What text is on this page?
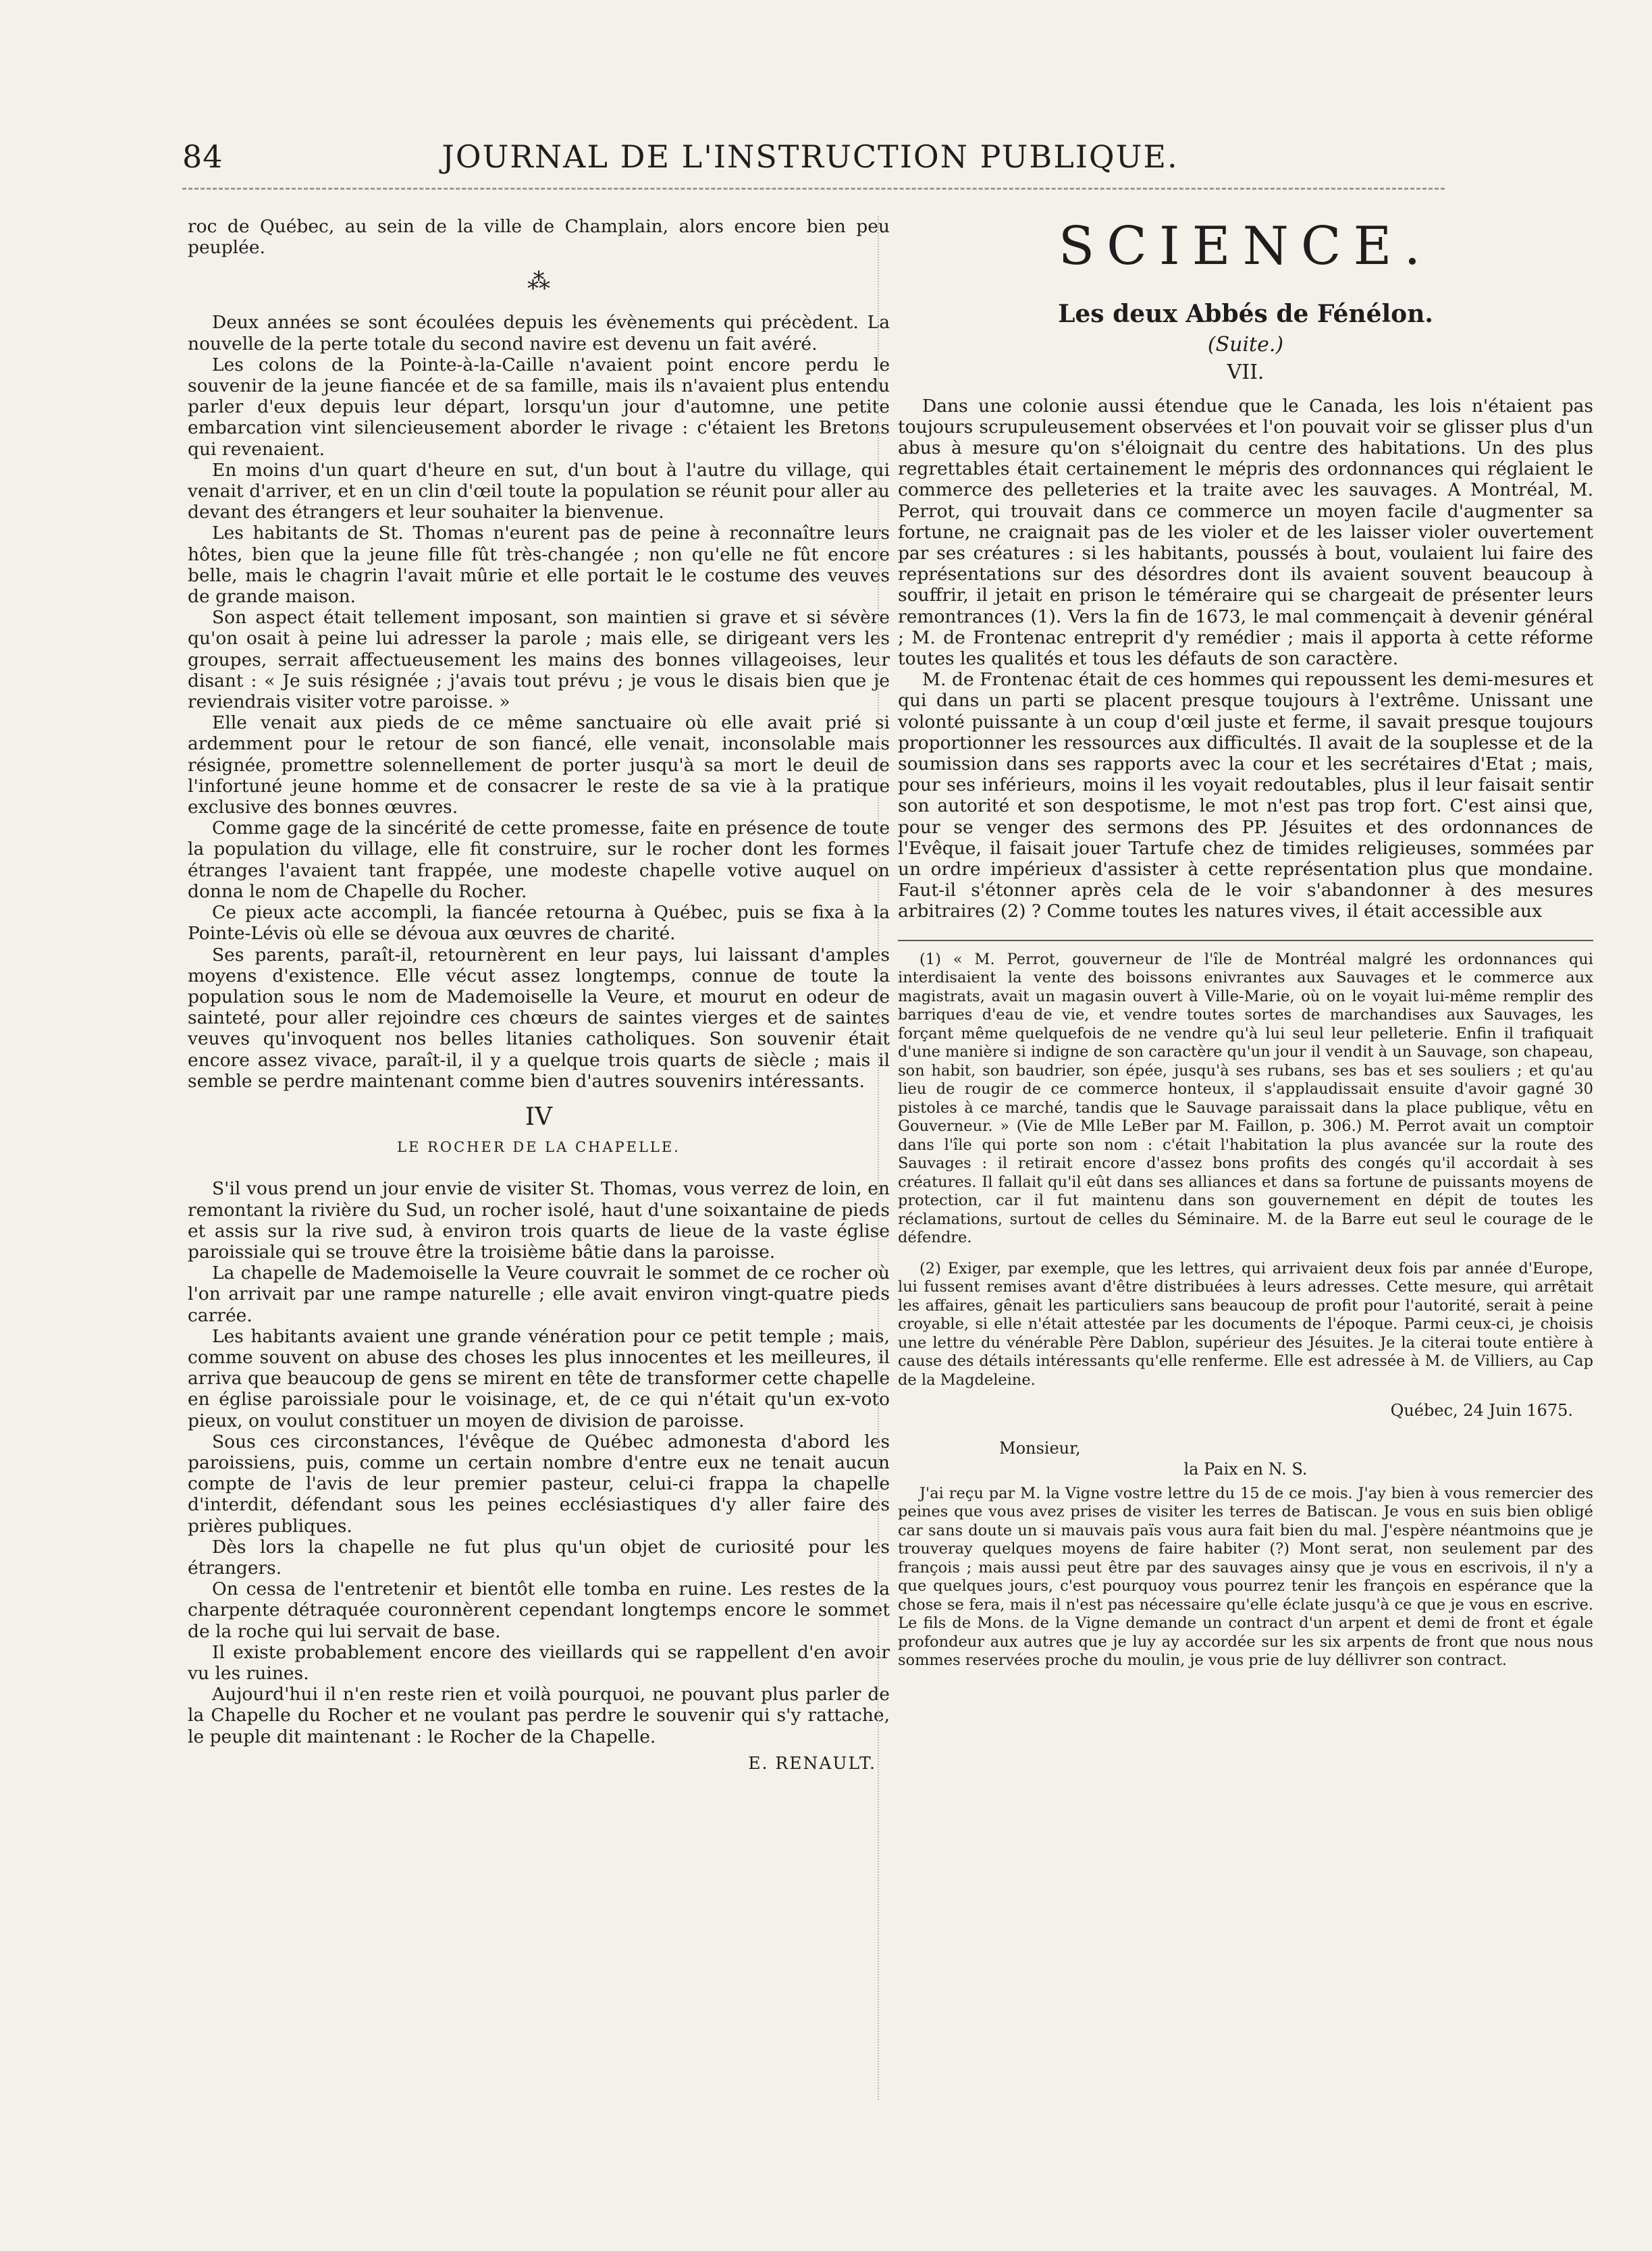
84	JOURNAL DE L'INSTRUCTION PUBLIQUE.

roc de Québec, au sein de la ville de Champlain, alors encore bien peu peuplée.

⁂

Deux années se sont écoulées depuis les évènements qui précèdent. La nouvelle de la perte totale du second navire est devenu un fait avéré.

Les colons de la Pointe-à-la-Caille n'avaient point encore perdu le souvenir de la jeune fiancée et de sa famille, mais ils n'avaient plus entendu parler d'eux depuis leur départ, lorsqu'un jour d'automne, une petite embarcation vint silencieusement aborder le rivage : c'étaient les Bretons qui revenaient.

En moins d'un quart d'heure en sut, d'un bout à l'autre du village, qui venait d'arriver, et en un clin d'œil toute la population se réunit pour aller au devant des étrangers et leur souhaiter la bienvenue.

Les habitants de St. Thomas n'eurent pas de peine à reconnaître leurs hôtes, bien que la jeune fille fût très-changée ; non qu'elle ne fût encore belle, mais le chagrin l'avait mûrie et elle portait le le costume des veuves de grande maison.

Son aspect était tellement imposant, son maintien si grave et si sévère qu'on osait à peine lui adresser la parole ; mais elle, se dirigeant vers les groupes, serrait affectueusement les mains des bonnes villageoises, leur disant : « Je suis résignée ; j'avais tout prévu ; je vous le disais bien que je reviendrais visiter votre paroisse. »

Elle venait aux pieds de ce même sanctuaire où elle avait prié si ardemment pour le retour de son fiancé, elle venait, inconsolable mais résignée, promettre solennellement de porter jusqu'à sa mort le deuil de l'infortuné jeune homme et de consacrer le reste de sa vie à la pratique exclusive des bonnes œuvres.

Comme gage de la sincérité de cette promesse, faite en présence de toute la population du village, elle fit construire, sur le rocher dont les formes étranges l'avaient tant frappée, une modeste chapelle votive auquel on donna le nom de Chapelle du Rocher.

Ce pieux acte accompli, la fiancée retourna à Québec, puis se fixa à la Pointe-Lévis où elle se dévoua aux œuvres de charité.

Ses parents, paraît-il, retournèrent en leur pays, lui laissant d'amples moyens d'existence. Elle vécut assez longtemps, connue de toute la population sous le nom de Mademoiselle la Veure, et mourut en odeur de sainteté, pour aller rejoindre ces chœurs de saintes vierges et de saintes veuves qu'invoquent nos belles litanies catholiques. Son souvenir était encore assez vivace, paraît-il, il y a quelque trois quarts de siècle ; mais il semble se perdre maintenant comme bien d'autres souvenirs intéressants.

IV
LE ROCHER DE LA CHAPELLE.

S'il vous prend un jour envie de visiter St. Thomas, vous verrez de loin, en remontant la rivière du Sud, un rocher isolé, haut d'une soixantaine de pieds et assis sur la rive sud, à environ trois quarts de lieue de la vaste église paroissiale qui se trouve être la troisième bâtie dans la paroisse.

La chapelle de Mademoiselle la Veure couvrait le sommet de ce rocher où l'on arrivait par une rampe naturelle ; elle avait environ vingt-quatre pieds carrée.

Les habitants avaient une grande vénération pour ce petit temple ; mais, comme souvent on abuse des choses les plus innocentes et les meilleures, il arriva que beaucoup de gens se mirent en tête de transformer cette chapelle en église paroissiale pour le voisinage, et, de ce qui n'était qu'un ex-voto pieux, on voulut constituer un moyen de division de paroisse.

Sous ces circonstances, l'évêque de Québec admonesta d'abord les paroissiens, puis, comme un certain nombre d'entre eux ne tenait aucun compte de l'avis de leur premier pasteur, celui-ci frappa la chapelle d'interdit, défendant sous les peines ecclésiastiques d'y aller faire des prières publiques.

Dès lors la chapelle ne fut plus qu'un objet de curiosité pour les étrangers.

On cessa de l'entretenir et bientôt elle tomba en ruine. Les restes de la charpente détraquée couronnèrent cependant longtemps encore le sommet de la roche qui lui servait de base.

Il existe probablement encore des vieillards qui se rappellent d'en avoir vu les ruines.

Aujourd'hui il n'en reste rien et voilà pourquoi, ne pouvant plus parler de la Chapelle du Rocher et ne voulant pas perdre le souvenir qui s'y rattache, le peuple dit maintenant : le Rocher de la Chapelle.

E. RENAULT.
SCIENCE.
Les deux Abbés de Fénélon.
(Suite.)
VII.

Dans une colonie aussi étendue que le Canada, les lois n'étaient pas toujours scrupuleusement observées et l'on pouvait voir se glisser plus d'un abus à mesure qu'on s'éloignait du centre des habitations. Un des plus regrettables était certainement le mépris des ordonnances qui réglaient le commerce des pelleteries et la traite avec les sauvages. A Montréal, M. Perrot, qui trouvait dans ce commerce un moyen facile d'augmenter sa fortune, ne craignait pas de les violer et de les laisser violer ouvertement par ses créatures : si les habitants, poussés à bout, voulaient lui faire des représentations sur des désordres dont ils avaient souvent beaucoup à souffrir, il jetait en prison le téméraire qui se chargeait de présenter leurs remontrances (1). Vers la fin de 1673, le mal commençait à devenir général ; M. de Frontenac entreprit d'y remédier ; mais il apporta à cette réforme toutes les qualités et tous les défauts de son caractère.

M. de Frontenac était de ces hommes qui repoussent les demi-mesures et qui dans un parti se placent presque toujours à l'extrême. Unissant une volonté puissante à un coup d'œil juste et ferme, il savait presque toujours proportionner les ressources aux difficultés. Il avait de la souplesse et de la soumission dans ses rapports avec la cour et les secrétaires d'Etat ; mais, pour ses inférieurs, moins il les voyait redoutables, plus il leur faisait sentir son autorité et son despotisme, le mot n'est pas trop fort. C'est ainsi que, pour se venger des sermons des PP. Jésuites et des ordonnances de l'Evêque, il faisait jouer Tartufe chez de timides religieuses, sommées par un ordre impérieux d'assister à cette représentation plus que mondaine. Faut-il s'étonner après cela de le voir s'abandonner à des mesures arbitraires (2) ? Comme toutes les natures vives, il était accessible aux

(1) « M. Perrot, gouverneur de l'île de Montréal malgré les ordonnances qui interdisaient la vente des boissons enivrantes aux Sauvages et le commerce aux magistrats, avait un magasin ouvert à Ville-Marie, où on le voyait lui-même remplir des barriques d'eau de vie, et vendre toutes sortes de marchandises aux Sauvages, les forçant même quelquefois de ne vendre qu'à lui seul leur pelleterie. Enfin il trafiquait d'une manière si indigne de son caractère qu'un jour il vendit à un Sauvage, son chapeau, son habit, son baudrier, son épée, jusqu'à ses rubans, ses bas et ses souliers ; et qu'au lieu de rougir de ce commerce honteux, il s'applaudissait ensuite d'avoir gagné 30 pistoles à ce marché, tandis que le Sauvage paraissait dans la place publique, vêtu en Gouverneur. » (Vie de Mlle LeBer par M. Faillon, p. 306.) M. Perrot avait un comptoir dans l'île qui porte son nom : c'était l'habitation la plus avancée sur la route des Sauvages : il retirait encore d'assez bons profits des congés qu'il accordait à ses créatures. Il fallait qu'il eût dans ses alliances et dans sa fortune de puissants moyens de protection, car il fut maintenu dans son gouvernement en dépit de toutes les réclamations, surtout de celles du Séminaire. M. de la Barre eut seul le courage de le défendre.

(2) Exiger, par exemple, que les lettres, qui arrivaient deux fois par année d'Europe, lui fussent remises avant d'être distribuées à leurs adresses. Cette mesure, qui arrêtait les affaires, gênait les particuliers sans beaucoup de profit pour l'autorité, serait à peine croyable, si elle n'était attestée par les documents de l'époque. Parmi ceux-ci, je choisis une lettre du vénérable Père Dablon, supérieur des Jésuites. Je la citerai toute entière à cause des détails intéressants qu'elle renferme. Elle est adressée à M. de Villiers, au Cap de la Magdeleine.

Québec, 24 Juin 1675.
Monsieur,
la Paix en N. S.

J'ai reçu par M. la Vigne vostre lettre du 15 de ce mois. J'ay bien à vous remercier des peines que vous avez prises de visiter les terres de Batiscan. Je vous en suis bien obligé car sans doute un si mauvais païs vous aura fait bien du mal. J'espère néantmoins que je trouveray quelques moyens de faire habiter (?) Mont serat, non seulement par des françois ; mais aussi peut être par des sauvages ainsy que je vous en escrivois, il n'y a que quelques jours, c'est pourquoy vous pourrez tenir les françois en espérance que la chose se fera, mais il n'est pas nécessaire qu'elle éclate jusqu'à ce que je vous en escrive. Le fils de Mons. de la Vigne demande un contract d'un arpent et demi de front et égale profondeur aux autres que je luy ay accordée sur les six arpents de front que nous nous sommes reservées proche du moulin, je vous prie de luy déllivrer son contract.
